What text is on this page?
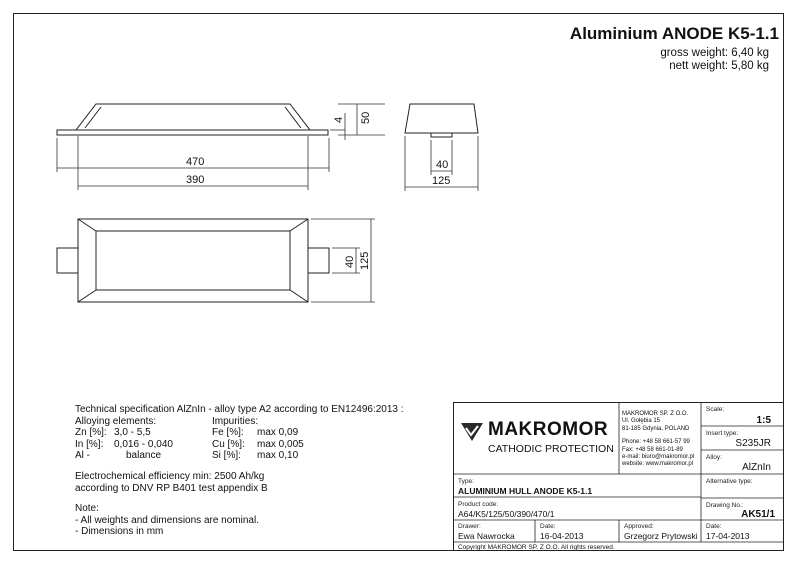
Aluminium ANODE K5-1.1
gross weight: 6,40 kg
nett weight: 5,80 kg
470
390
50
4
40
125
40 125
Technical specification AlZnIn - alloy type A2 according to EN12496:2013 :
Alloying elements:	Impurities:
Zn [%]: 3,0 - 5,5	Fe [%]:	max 0,09
In [%]:	0,016 - 0,040	Cu [%]:	max 0,005
Al -	balance	Si [%]:	max 0,10
Electrochemical efficiency min: 2500 Ah/kg
according to DNV RP B401 test appendix B
Note:
- All weights and dimensions are nominal.
- Dimensions in mm
MAKROMOR
CATHODIC PROTECTION
MAKROMOR SP. Z O.O.
Ul. Gołębia 15
81-185 Gdynia, POLAND
Phone: +48 58 661-57 99
Fax: +48 58 661-01-89
e-mail: biuro@makromor.pl
website: www.makromor.pl
Scale:
1:5
Insert type:
S235JR
Alloy:
AlZnIn
Type:
ALUMINIUM HULL ANODE K5-1.1
Alternative type:
Product code:
A64/K5/125/50/390/470/1
Drawing No.:
AK51/1
Drawer:
Ewa Nawrocka
Date:
16-04-2013
Approved:
Grzegorz Prytowski
Date:
17-04-2013
Copyright MAKROMOR SP. Z O.O. All rights reserved.
